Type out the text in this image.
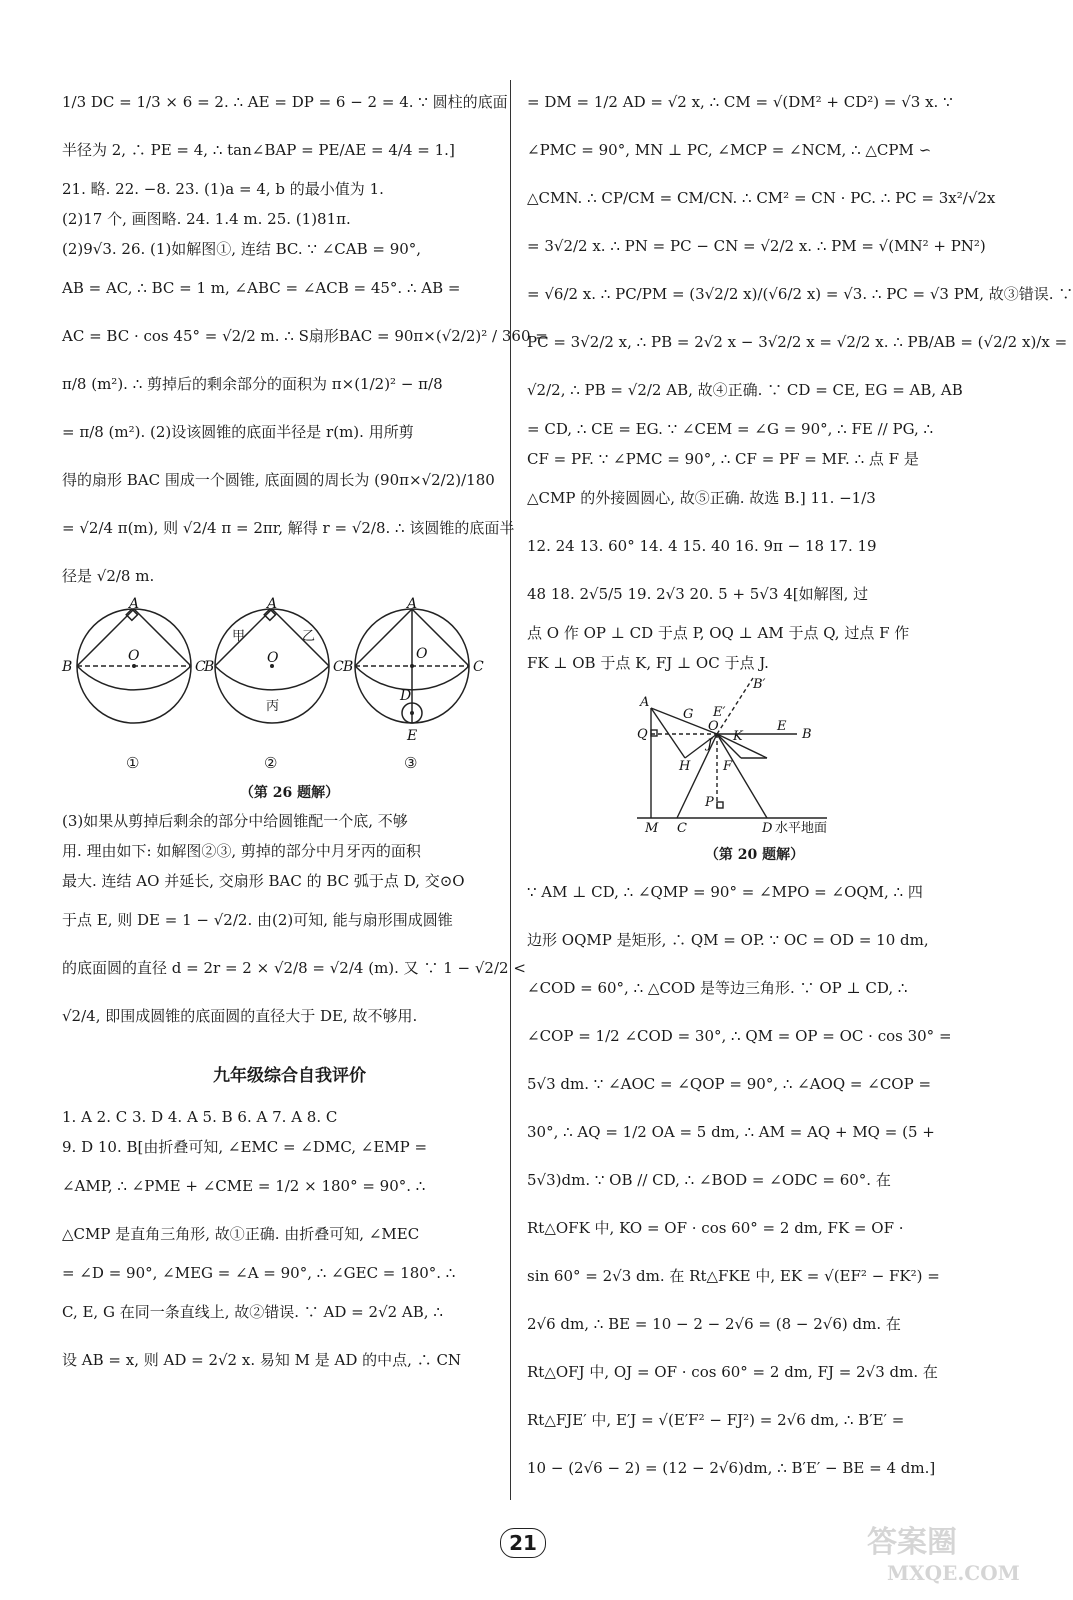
1/3 DC = 1/3 × 6 = 2. ∴ AE = DP = 6 − 2 = 4. ∵ 圆柱的底面
半径为 2, ∴ PE = 4, ∴ tan∠BAP = PE/AE = 4/4 = 1.]
21. 略. 22. −8. 23. (1)a = 4, b 的最小值为 1.
(2)17 个, 画图略. 24. 1.4 m. 25. (1)81π.
(2)9√3. 26. (1)如解图①, 连结 BC. ∵ ∠CAB = 90°,
AB = AC, ∴ BC = 1 m, ∠ABC = ∠ACB = 45°. ∴ AB =
AC = BC · cos 45° = √2/2 m. ∴ S扇形BAC = 90π×(√2/2)² / 360 =
π/8 (m²). ∴ 剪掉后的剩余部分的面积为 π×(1/2)² − π/8
= π/8 (m²). (2)设该圆锥的底面半径是 r(m). 用所剪
得的扇形 BAC 围成一个圆锥, 底面圆的周长为 (90π×√2/2)/180
= √2/4 π(m), 则 √2/4 π = 2πr, 解得 r = √2/8. ∴ 该圆锥的底面半
径是 √2/8 m.
A
B	C
O
A
B	C
O
A
B	C
O
D
E
甲	乙
丙
①	②	③
（第 26 题解）
(3)如果从剪掉后剩余的部分中给圆锥配一个底, 不够
用. 理由如下: 如解图②③, 剪掉的部分中月牙丙的面积
最大. 连结 AO 并延长, 交扇形 BAC 的 BC 弧于点 D, 交⊙O
于点 E, 则 DE = 1 − √2/2. 由(2)可知, 能与扇形围成圆锥
的底面圆的直径 d = 2r = 2 × √2/8 = √2/4 (m). 又 ∵ 1 − √2/2 <
√2/4, 即围成圆锥的底面圆的直径大于 DE, 故不够用.
九年级综合自我评价
1. A 2. C 3. D 4. A 5. B 6. A 7. A 8. C
9. D 10. B[由折叠可知, ∠EMC = ∠DMC, ∠EMP =
∠AMP, ∴ ∠PME + ∠CME = 1/2 × 180° = 90°. ∴
△CMP 是直角三角形, 故①正确. 由折叠可知, ∠MEC
= ∠D = 90°, ∠MEG = ∠A = 90°, ∴ ∠GEC = 180°. ∴
C, E, G 在同一条直线上, 故②错误. ∵ AD = 2√2 AB, ∴
设 AB = x, 则 AD = 2√2 x. 易知 M 是 AD 的中点, ∴ CN
= DM = 1/2 AD = √2 x, ∴ CM = √(DM² + CD²) = √3 x. ∵
∠PMC = 90°, MN ⊥ PC, ∠MCP = ∠NCM, ∴ △CPM ∽
△CMN. ∴ CP/CM = CM/CN. ∴ CM² = CN · PC. ∴ PC = 3x²/√2x
= 3√2/2 x. ∴ PN = PC − CN = √2/2 x. ∴ PM = √(MN² + PN²)
= √6/2 x. ∴ PC/PM = (3√2/2 x)/(√6/2 x) = √3. ∴ PC = √3 PM, 故③错误. ∵
PC = 3√2/2 x, ∴ PB = 2√2 x − 3√2/2 x = √2/2 x. ∴ PB/AB = (√2/2 x)/x =
√2/2, ∴ PB = √2/2 AB, 故④正确. ∵ CD = CE, EG = AB, AB
= CD, ∴ CE = EG. ∵ ∠CEM = ∠G = 90°, ∴ FE // PG, ∴
CF = PF. ∵ ∠PMC = 90°, ∴ CF = PF = MF. ∴ 点 F 是
△CMP 的外接圆圆心, 故⑤正确. 故选 B.] 11. −1/3
12. 24 13. 60° 14. 4 15. 40 16. 9π − 18 17. 19
48 18. 2√5/5 19. 2√3 20. 5 + 5√3 4[如解图, 过
点 O 作 OP ⊥ CD 于点 P, OQ ⊥ AM 于点 Q, 过点 F 作
FK ⊥ OB 于点 K, FJ ⊥ OC 于点 J.
A
B
B′
C	D
E
E′
F
G
H
J
K
M
O
P
Q
水平地面
（第 20 题解）
∵ AM ⊥ CD, ∴ ∠QMP = 90° = ∠MPO = ∠OQM, ∴ 四
边形 OQMP 是矩形, ∴ QM = OP. ∵ OC = OD = 10 dm,
∠COD = 60°, ∴ △COD 是等边三角形. ∵ OP ⊥ CD, ∴
∠COP = 1/2 ∠COD = 30°, ∴ QM = OP = OC · cos 30° =
5√3 dm. ∵ ∠AOC = ∠QOP = 90°, ∴ ∠AOQ = ∠COP =
30°, ∴ AQ = 1/2 OA = 5 dm, ∴ AM = AQ + MQ = (5 +
5√3)dm. ∵ OB // CD, ∴ ∠BOD = ∠ODC = 60°. 在
Rt△OFK 中, KO = OF · cos 60° = 2 dm, FK = OF ·
sin 60° = 2√3 dm. 在 Rt△FKE 中, EK = √(EF² − FK²) =
2√6 dm, ∴ BE = 10 − 2 − 2√6 = (8 − 2√6) dm. 在
Rt△OFJ 中, OJ = OF · cos 60° = 2 dm, FJ = 2√3 dm. 在
Rt△FJE′ 中, E′J = √(E′F² − FJ²) = 2√6 dm, ∴ B′E′ =
10 − (2√6 − 2) = (12 − 2√6)dm, ∴ B′E′ − BE = 4 dm.]
21	答案圈
MXQE.COM
